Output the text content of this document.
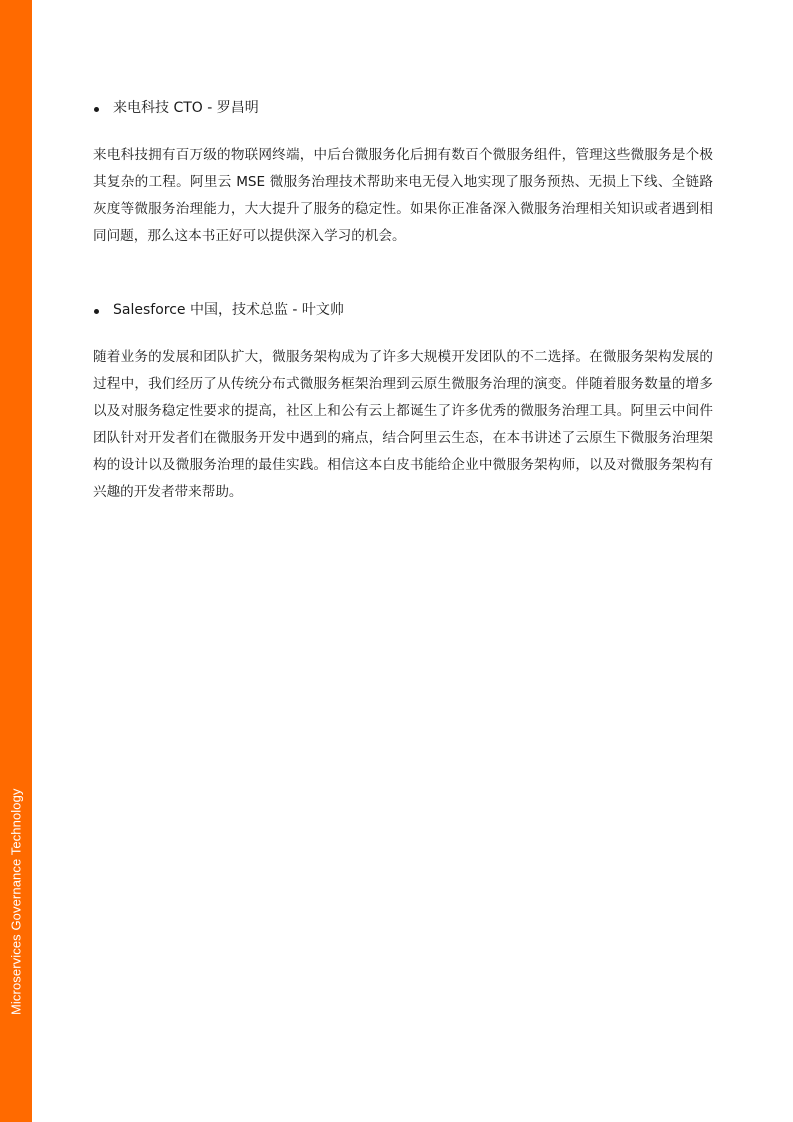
Microservices Governance Technology
来电科技 CTO - 罗昌明
来电科技拥有百万级的物联网终端，中后台微服务化后拥有数百个微服务组件，管理这些微服务是个极其复杂的工程。阿里云 MSE 微服务治理技术帮助来电无侵入地实现了服务预热、无损上下线、全链路灰度等微服务治理能力，大大提升了服务的稳定性。如果你正准备深入微服务治理相关知识或者遇到相同问题，那么这本书正好可以提供深入学习的机会。
Salesforce 中国，技术总监 - 叶文帅
随着业务的发展和团队扩大，微服务架构成为了许多大规模开发团队的不二选择。在微服务架构发展的过程中，我们经历了从传统分布式微服务框架治理到云原生微服务治理的演变。伴随着服务数量的增多以及对服务稳定性要求的提高，社区上和公有云上都诞生了许多优秀的微服务治理工具。阿里云中间件团队针对开发者们在微服务开发中遇到的痛点，结合阿里云生态，在本书讲述了云原生下微服务治理架构的设计以及微服务治理的最佳实践。相信这本白皮书能给企业中微服务架构师，以及对微服务架构有兴趣的开发者带来帮助。
